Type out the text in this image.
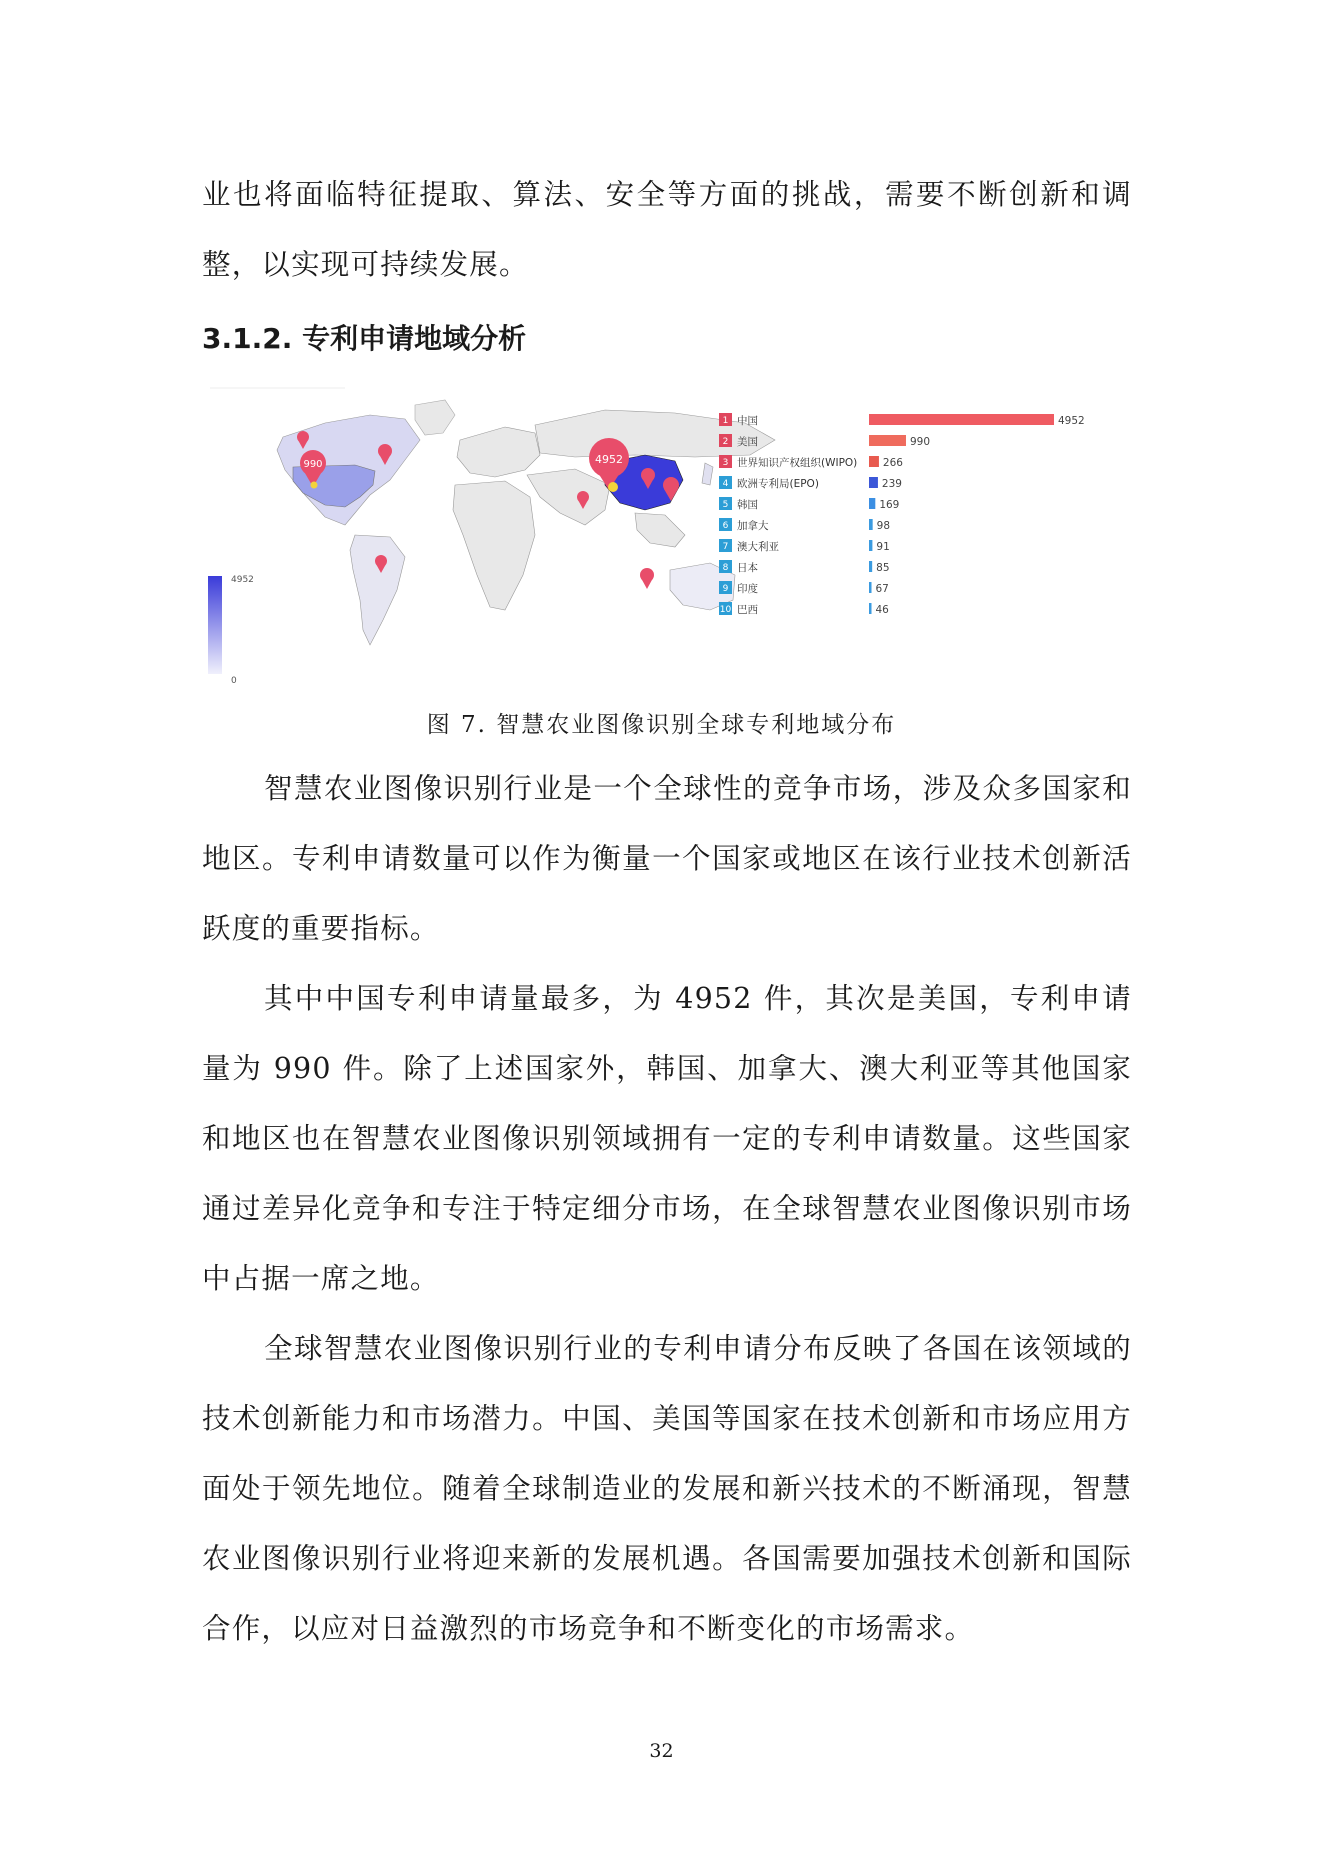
业也将面临特征提取、算法、安全等方面的挑战，需要不断创新和调整，以实现可持续发展。

3.1.2. 专利申请地域分析
4952
990
4952
0
1 中国	4952
2 美国	990
3 世界知识产权组织(WIPO) 266
4 欧洲专利局(EPO)	239
5 韩国	169
6 加拿大	98
7 澳大利亚	91
8 日本	85
9 印度	67
10 巴西	46
图 7. 智慧农业图像识别全球专利地域分布

智慧农业图像识别行业是一个全球性的竞争市场，涉及众多国家和地区。专利申请数量可以作为衡量一个国家或地区在该行业技术创新活跃度的重要指标。

其中中国专利申请量最多，为 4952 件，其次是美国，专利申请量为 990 件。除了上述国家外，韩国、加拿大、澳大利亚等其他国家和地区也在智慧农业图像识别领域拥有一定的专利申请数量。这些国家通过差异化竞争和专注于特定细分市场，在全球智慧农业图像识别市场中占据一席之地。

全球智慧农业图像识别行业的专利申请分布反映了各国在该领域的技术创新能力和市场潜力。中国、美国等国家在技术创新和市场应用方面处于领先地位。随着全球制造业的发展和新兴技术的不断涌现，智慧农业图像识别行业将迎来新的发展机遇。各国需要加强技术创新和国际合作，以应对日益激烈的市场竞争和不断变化的市场需求。

32
